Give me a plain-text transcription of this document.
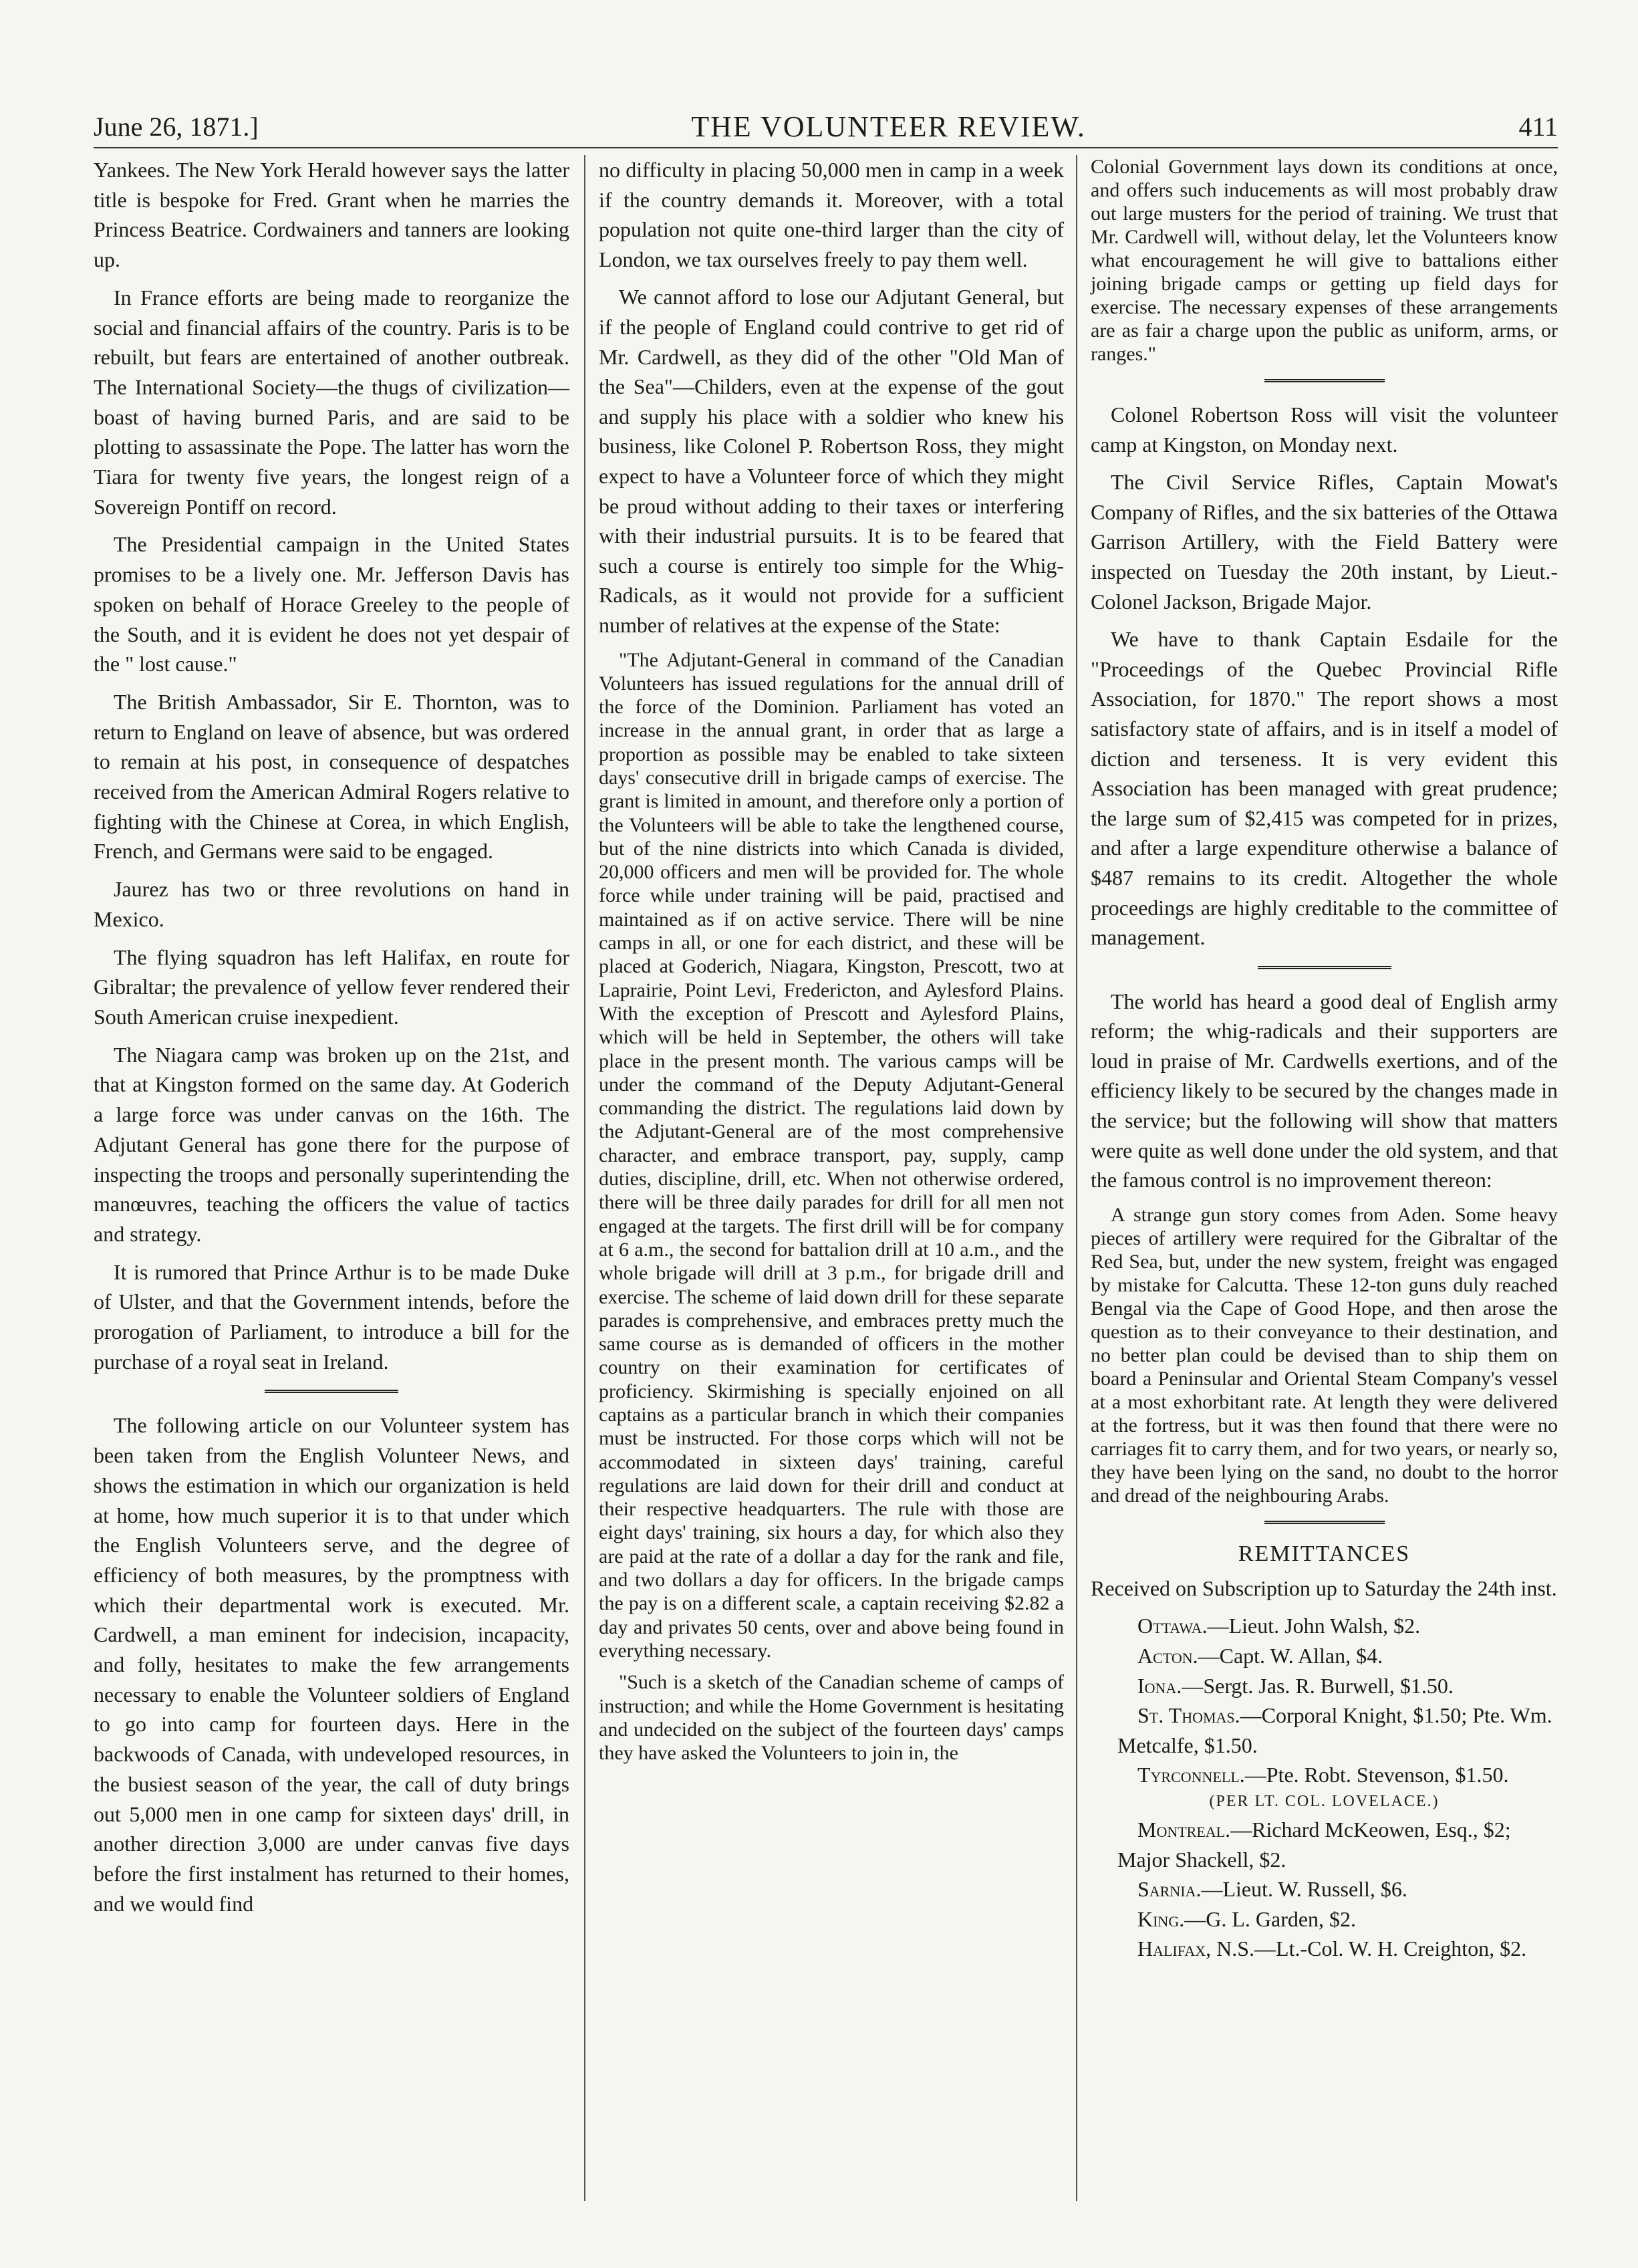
June 26, 1871.]	THE VOLUNTEER REVIEW.	411

Yankees. The New York Herald however says the latter title is bespoke for Fred. Grant when he marries the Princess Beatrice. Cordwainers and tanners are looking up.

In France efforts are being made to reorganize the social and financial affairs of the country. Paris is to be rebuilt, but fears are entertained of another outbreak. The International Society—the thugs of civilization—boast of having burned Paris, and are said to be plotting to assassinate the Pope. The latter has worn the Tiara for twenty five years, the longest reign of a Sovereign Pontiff on record.

The Presidential campaign in the United States promises to be a lively one. Mr. Jefferson Davis has spoken on behalf of Horace Greeley to the people of the South, and it is evident he does not yet despair of the " lost cause."

The British Ambassador, Sir E. Thornton, was to return to England on leave of absence, but was ordered to remain at his post, in consequence of despatches received from the American Admiral Rogers relative to fighting with the Chinese at Corea, in which English, French, and Germans were said to be engaged.

Jaurez has two or three revolutions on hand in Mexico.

The flying squadron has left Halifax, en route for Gibraltar; the prevalence of yellow fever rendered their South American cruise inexpedient.

The Niagara camp was broken up on the 21st, and that at Kingston formed on the same day. At Goderich a large force was under canvas on the 16th. The Adjutant General has gone there for the purpose of inspecting the troops and personally superintending the manœuvres, teaching the officers the value of tactics and strategy.

It is rumored that Prince Arthur is to be made Duke of Ulster, and that the Government intends, before the prorogation of Parliament, to introduce a bill for the purchase of a royal seat in Ireland.

The following article on our Volunteer system has been taken from the English Volunteer News, and shows the estimation in which our organization is held at home, how much superior it is to that under which the English Volunteers serve, and the degree of efficiency of both measures, by the promptness with which their departmental work is executed. Mr. Cardwell, a man eminent for indecision, incapacity, and folly, hesitates to make the few arrangements necessary to enable the Volunteer soldiers of England to go into camp for fourteen days. Here in the backwoods of Canada, with undeveloped resources, in the busiest season of the year, the call of duty brings out 5,000 men in one camp for sixteen days' drill, in another direction 3,000 are under canvas five days before the first instalment has returned to their homes, and we would find

no difficulty in placing 50,000 men in camp in a week if the country demands it. Moreover, with a total population not quite one-third larger than the city of London, we tax ourselves freely to pay them well.

We cannot afford to lose our Adjutant General, but if the people of England could contrive to get rid of Mr. Cardwell, as they did of the other "Old Man of the Sea"—Childers, even at the expense of the gout and supply his place with a soldier who knew his business, like Colonel P. Robertson Ross, they might expect to have a Volunteer force of which they might be proud without adding to their taxes or interfering with their industrial pursuits. It is to be feared that such a course is entirely too simple for the Whig-Radicals, as it would not provide for a sufficient number of relatives at the expense of the State:

"The Adjutant-General in command of the Canadian Volunteers has issued regulations for the annual drill of the force of the Dominion. Parliament has voted an increase in the annual grant, in order that as large a proportion as possible may be enabled to take sixteen days' consecutive drill in brigade camps of exercise. The grant is limited in amount, and therefore only a portion of the Volunteers will be able to take the lengthened course, but of the nine districts into which Canada is divided, 20,000 officers and men will be provided for. The whole force while under training will be paid, practised and maintained as if on active service. There will be nine camps in all, or one for each district, and these will be placed at Goderich, Niagara, Kingston, Prescott, two at Laprairie, Point Levi, Fredericton, and Aylesford Plains. With the exception of Prescott and Aylesford Plains, which will be held in September, the others will take place in the present month. The various camps will be under the command of the Deputy Adjutant-General commanding the district. The regulations laid down by the Adjutant-General are of the most comprehensive character, and embrace transport, pay, supply, camp duties, discipline, drill, etc. When not otherwise ordered, there will be three daily parades for drill for all men not engaged at the targets. The first drill will be for company at 6 a.m., the second for battalion drill at 10 a.m., and the whole brigade will drill at 3 p.m., for brigade drill and exercise. The scheme of laid down drill for these separate parades is comprehensive, and embraces pretty much the same course as is demanded of officers in the mother country on their examination for certificates of proficiency. Skirmishing is specially enjoined on all captains as a particular branch in which their companies must be instructed. For those corps which will not be accommodated in sixteen days' training, careful regulations are laid down for their drill and conduct at their respective headquarters. The rule with those are eight days' training, six hours a day, for which also they are paid at the rate of a dollar a day for the rank and file, and two dollars a day for officers. In the brigade camps the pay is on a different scale, a captain receiving $2.82 a day and privates 50 cents, over and above being found in everything necessary.

"Such is a sketch of the Canadian scheme of camps of instruction; and while the Home Government is hesitating and undecided on the subject of the fourteen days' camps they have asked the Volunteers to join in, the

Colonial Government lays down its conditions at once, and offers such inducements as will most probably draw out large musters for the period of training. We trust that Mr. Cardwell will, without delay, let the Volunteers know what encouragement he will give to battalions either joining brigade camps or getting up field days for exercise. The necessary expenses of these arrangements are as fair a charge upon the public as uniform, arms, or ranges."

Colonel Robertson Ross will visit the volunteer camp at Kingston, on Monday next.

The Civil Service Rifles, Captain Mowat's Company of Rifles, and the six batteries of the Ottawa Garrison Artillery, with the Field Battery were inspected on Tuesday the 20th instant, by Lieut.-Colonel Jackson, Brigade Major.

We have to thank Captain Esdaile for the "Proceedings of the Quebec Provincial Rifle Association, for 1870." The report shows a most satisfactory state of affairs, and is in itself a model of diction and terseness. It is very evident this Association has been managed with great prudence; the large sum of $2,415 was competed for in prizes, and after a large expenditure otherwise a balance of $487 remains to its credit. Altogether the whole proceedings are highly creditable to the committee of management.

The world has heard a good deal of English army reform; the whig-radicals and their supporters are loud in praise of Mr. Cardwells exertions, and of the efficiency likely to be secured by the changes made in the service; but the following will show that matters were quite as well done under the old system, and that the famous control is no improvement thereon:

A strange gun story comes from Aden. Some heavy pieces of artillery were required for the Gibraltar of the Red Sea, but, under the new system, freight was engaged by mistake for Calcutta. These 12-ton guns duly reached Bengal via the Cape of Good Hope, and then arose the question as to their conveyance to their destination, and no better plan could be devised than to ship them on board a Peninsular and Oriental Steam Company's vessel at a most exhorbitant rate. At length they were delivered at the fortress, but it was then found that there were no carriages fit to carry them, and for two years, or nearly so, they have been lying on the sand, no doubt to the horror and dread of the neighbouring Arabs.

REMITTANCES

Received on Subscription up to Saturday the 24th inst.

Ottawa.—Lieut. John Walsh, $2.

Acton.—Capt. W. Allan, $4.

Iona.—Sergt. Jas. R. Burwell, $1.50.

St. Thomas.—Corporal Knight, $1.50; Pte. Wm. Metcalfe, $1.50.

Tyrconnell.—Pte. Robt. Stevenson, $1.50.

(PER LT. COL. LOVELACE.)

Montreal.—Richard McKeowen, Esq., $2; Major Shackell, $2.

Sarnia.—Lieut. W. Russell, $6.

King.—G. L. Garden, $2.

Halifax, N.S.—Lt.-Col. W. H. Creighton, $2.
